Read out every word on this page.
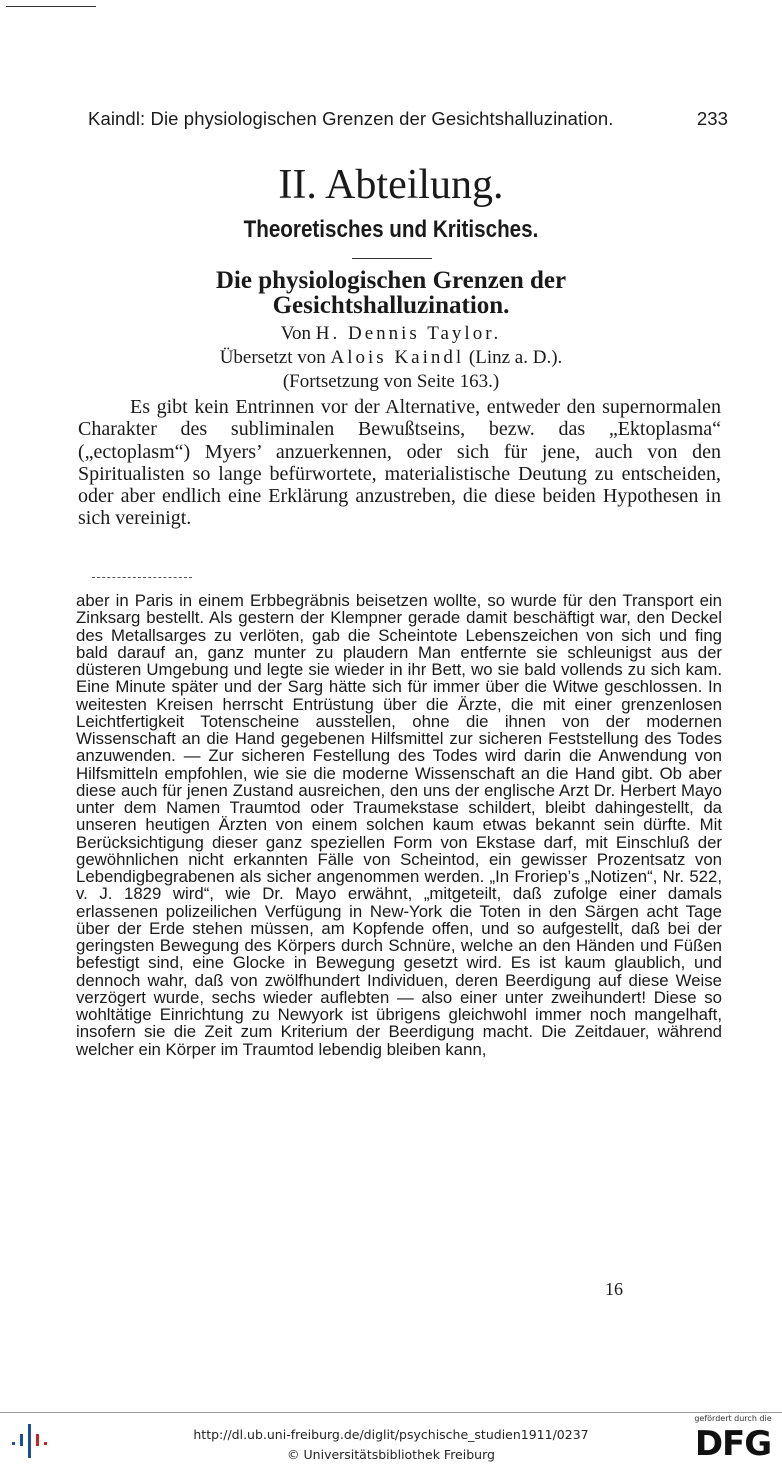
Kaindl: Die physiologischen Grenzen der Gesichtshalluzination.	233
II. Abteilung.
Theoretisches und Kritisches.
Die physiologischen Grenzen der
Gesichtshalluzination.
Von H. Dennis Taylor.
Übersetzt von Alois Kaindl (Linz a. D.).
(Fortsetzung von Seite 163.)

Es gibt kein Entrinnen vor der Alternative, entweder den supernormalen Charakter des subliminalen Bewußtseins, bezw. das „Ektoplasma“ („ectoplasm“) Myers’ anzuerkennen, oder sich für jene, auch von den Spiritualisten so lange befürwortete, materialistische Deutung zu entscheiden, oder aber endlich eine Erklärung anzustreben, die diese beiden Hypothesen in sich vereinigt.

aber in Paris in einem Erbbegräbnis beisetzen wollte, so wurde für den Transport ein Zinksarg bestellt. Als gestern der Klempner gerade damit beschäftigt war, den Deckel des Metallsarges zu verlöten, gab die Scheintote Lebenszeichen von sich und fing bald darauf an, ganz munter zu plaudern Man entfernte sie schleunigst aus der düsteren Umgebung und legte sie wieder in ihr Bett, wo sie bald vollends zu sich kam. Eine Minute später und der Sarg hätte sich für immer über die Witwe geschlossen. In weitesten Kreisen herrscht Entrüstung über die Ärzte, die mit einer grenzenlosen Leichtfertigkeit Totenscheine ausstellen, ohne die ihnen von der modernen Wissenschaft an die Hand gegebenen Hilfsmittel zur sicheren Feststellung des Todes anzuwenden. — Zur sicheren Festellung des Todes wird darin die Anwendung von Hilfsmitteln empfohlen, wie sie die moderne Wissenschaft an die Hand gibt. Ob aber diese auch für jenen Zustand ausreichen, den uns der englische Arzt Dr. Herbert Mayo unter dem Namen Traumtod oder Traumekstase schildert, bleibt dahingestellt, da unseren heutigen Ärzten von einem solchen kaum etwas bekannt sein dürfte. Mit Berücksichtigung dieser ganz speziellen Form von Ekstase darf, mit Einschluß der gewöhnlichen nicht erkannten Fälle von Scheintod, ein gewisser Prozentsatz von Lebendigbegrabenen als sicher angenommen werden. „In Froriep’s „Notizen“, Nr. 522, v. J. 1829 wird“, wie Dr. Mayo erwähnt, „mitgeteilt, daß zufolge einer damals erlassenen polizeilichen Verfügung in New-York die Toten in den Särgen acht Tage über der Erde stehen müssen, am Kopfende offen, und so aufgestellt, daß bei der geringsten Bewegung des Körpers durch Schnüre, welche an den Händen und Füßen befestigt sind, eine Glocke in Bewegung gesetzt wird. Es ist kaum glaublich, und dennoch wahr, daß von zwölfhundert Individuen, deren Beerdigung auf diese Weise verzögert wurde, sechs wieder auflebten — also einer unter zweihundert! Diese so wohltätige Einrichtung zu Newyork ist übrigens gleichwohl immer noch mangelhaft, insofern sie die Zeit zum Kriterium der Beerdigung macht. Die Zeitdauer, während welcher ein Körper im Traumtod lebendig bleiben kann,

16
http://dl.ub.uni-freiburg.de/diglit/psychische_studien1911/0237
© Universitätsbibliothek Freiburg
gefördert durch die
DFG
